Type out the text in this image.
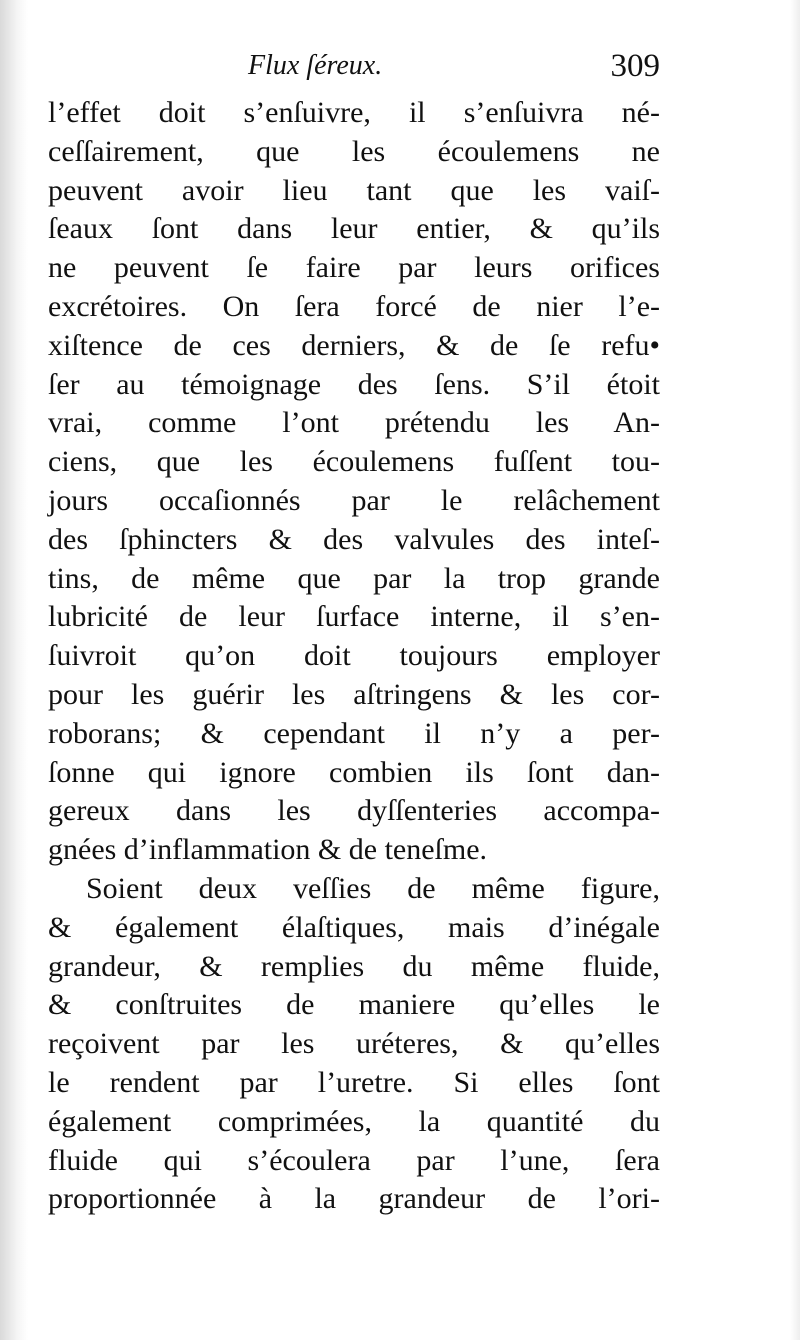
Flux ſéreux.	309
l’effet doit s’enſuivre, il s’enſuivra né-
ceſſairement, que les écoulemens ne
peuvent avoir lieu tant que les vaiſ-
ſeaux ſont dans leur entier, & qu’ils
ne peuvent ſe faire par leurs orifices
excrétoires. On ſera forcé de nier l’e-
xiſtence de ces derniers, & de ſe refu•
ſer au témoignage des ſens. S’il étoit
vrai, comme l’ont prétendu les An-
ciens, que les écoulemens fuſſent tou-
jours occaſionnés par le relâchement
des ſphincters & des valvules des inteſ-
tins, de même que par la trop grande
lubricité de leur ſurface interne, il s’en-
ſuivroit qu’on doit toujours employer
pour les guérir les aſtringens & les cor-
roborans; & cependant il n’y a per-
ſonne qui ignore combien ils ſont dan-
gereux dans les dyſſenteries accompa-
gnées d’inflammation & de teneſme.
Soient deux veſſies de même figure,
& également élaſtiques, mais d’inégale
grandeur, & remplies du même fluide,
& conſtruites de maniere qu’elles le
reçoivent par les uréteres, & qu’elles
le rendent par l’uretre. Si elles ſont
également comprimées, la quantité du
fluide qui s’écoulera par l’une, ſera
proportionnée à la grandeur de l’ori-
